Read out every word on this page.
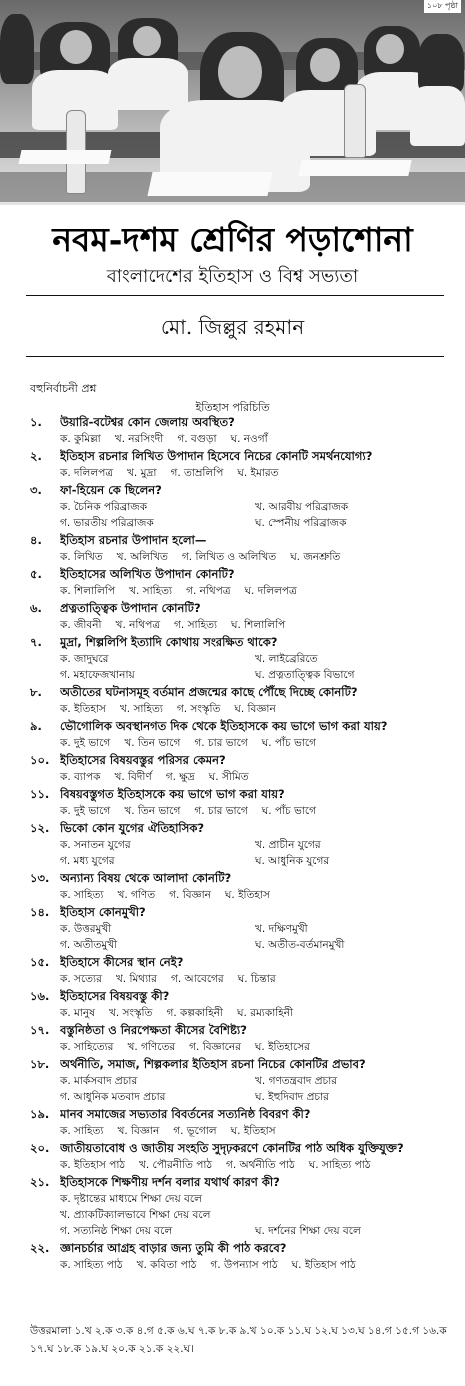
১০৮ পৃষ্ঠা
নবম-দশম শ্রেণির পড়াশোনা
বাংলাদেশের ইতিহাস ও বিশ্ব সভ্যতা
মো. জিল্লুর রহমান
বহুনির্বাচনী প্রশ্ন
ইতিহাস পরিচিতি
১.	উয়ারি-বটেশ্বর কোন জেলায় অবস্থিত?
ক. কুমিল্লা	খ. নরসিংদী	গ. বগুড়া	ঘ. নওগাঁ
২.	ইতিহাস রচনার লিখিত উপাদান হিসেবে নিচের কোনটি সমর্থনযোগ্য?
ক. দলিলপত্র	খ. মুদ্রা	গ. তাম্রলিপি	ঘ. ইমারত
৩.	ফা-হিয়েন কে ছিলেন?
ক. চৈনিক পরিব্রাজক	খ. আরবীয় পরিব্রাজক
গ. ভারতীয় পরিব্রাজক	ঘ. স্পেনীয় পরিব্রাজক
৪.	ইতিহাস রচনার উপাদান হলো—
ক. লিখিত	খ. অলিখিত	গ. লিখিত ও অলিখিত	ঘ. জনশ্রুতি
৫.	ইতিহাসের অলিখিত উপাদান কোনটি?
ক. শিলালিপি	খ. সাহিত্য	গ. নথিপত্র	ঘ. দলিলপত্র
৬.	প্রত্নতাত্ত্বিক উপাদান কোনটি?
ক. জীবনী	খ. নথিপত্র	গ. সাহিত্য	ঘ. শিলালিপি
৭.	মুদ্রা, শিল্পলিপি ইত্যাদি কোথায় সংরক্ষিত থাকে?
ক. জাদুঘরে	খ. লাইব্রেরিতে
গ. মহাফেজখানায়	ঘ. প্রত্নতাত্ত্বিক বিভাগে
৮.	অতীতের ঘটনাসমূহ বর্তমান প্রজন্মের কাছে পৌঁছে দিচ্ছে কোনটি?
ক. ইতিহাস	খ. সাহিত্য	গ. সংস্কৃতি	ঘ. বিজ্ঞান
৯.	ভৌগোলিক অবস্থানগত দিক থেকে ইতিহাসকে কয় ভাগে ভাগ করা যায়?
ক. দুই ভাগে	খ. তিন ভাগে	গ. চার ভাগে	ঘ. পাঁচ ভাগে
১০. ইতিহাসের বিষয়বস্তুর পরিসর কেমন?
ক. ব্যাপক	খ. বিদীর্ণ	গ. ক্ষুদ্র	ঘ. সীমিত
১১. বিষয়বস্তুগত ইতিহাসকে কয় ভাগে ভাগ করা যায়?
ক. দুই ভাগে	খ. তিন ভাগে	গ. চার ভাগে	ঘ. পাঁচ ভাগে
১২. ভিকো কোন যুগের ঐতিহাসিক?
ক. সনাতন যুগের	খ. প্রাচীন যুগের
গ. মধ্য যুগের	ঘ. আধুনিক যুগের
১৩. অন্যান্য বিষয় থেকে আলাদা কোনটি?
ক. সাহিত্য	খ. গণিত	গ. বিজ্ঞান	ঘ. ইতিহাস
১৪. ইতিহাস কোনমুখী?
ক. উত্তরমুখী	খ. দক্ষিণমুখী
গ. অতীতমুখী	ঘ. অতীত-বর্তমানমুখী
১৫. ইতিহাসে কীসের স্থান নেই?
ক. সত্যের	খ. মিথ্যার	গ. আবেগের	ঘ. চিন্তার
১৬. ইতিহাসের বিষয়বস্তু কী?
ক. মানুষ	খ. সংস্কৃতি	গ. কল্পকাহিনী	ঘ. রম্যকাহিনী
১৭. বস্তুনিষ্ঠতা ও নিরপেক্ষতা কীসের বৈশিষ্ট্য?
ক. সাহিত্যের	খ. গণিতের	গ. বিজ্ঞানের	ঘ. ইতিহাসের
১৮. অর্থনীতি, সমাজ, শিল্পকলার ইতিহাস রচনা নিচের কোনটির প্রভাব?
ক. মার্কসবাদ প্রচার	খ. গণতন্ত্রবাদ প্রচার
গ. আধুনিক মতবাদ প্রচার	ঘ. ইহুদিবাদ প্রচার
১৯. মানব সমাজের সভ্যতার বিবর্তনের সত্যনিষ্ঠ বিবরণ কী?
ক. সাহিত্য	খ. বিজ্ঞান	গ. ভূগোল	ঘ. ইতিহাস
২০. জাতীয়তাবোধ ও জাতীয় সংহতি সুদৃঢ়করণে কোনটির পাঠ অধিক যুক্তিযুক্ত?
ক. ইতিহাস পাঠ	খ. পৌরনীতি পাঠ	গ. অর্থনীতি পাঠ	ঘ. সাহিত্য পাঠ
২১. ইতিহাসকে শিক্ষণীয় দর্শন বলার যথার্থ কারণ কী?
ক. দৃষ্টান্তের মাধ্যমে শিক্ষা দেয় বলে
খ. প্র্যাকটিক্যালভাবে শিক্ষা দেয় বলে
গ. সত্যনিষ্ঠ শিক্ষা দেয় বলে	ঘ. দর্শনের শিক্ষা দেয় বলে
২২. জ্ঞানচর্চার আগ্রহ বাড়ার জন্য তুমি কী পাঠ করবে?
ক. সাহিত্য পাঠ	খ. কবিতা পাঠ	গ. উপন্যাস পাঠ	ঘ. ইতিহাস পাঠ
উত্তরমালা ১.খ ২.ক ৩.ক ৪.গ ৫.ক ৬.ঘ ৭.ক ৮.ক ৯.খ ১০.ক ১১.ঘ ১২.ঘ ১৩.ঘ ১৪.গ ১৫.গ ১৬.ক ১৭.ঘ ১৮.ক ১৯.ঘ ২০.ক ২১.ক ২২.ঘ।
